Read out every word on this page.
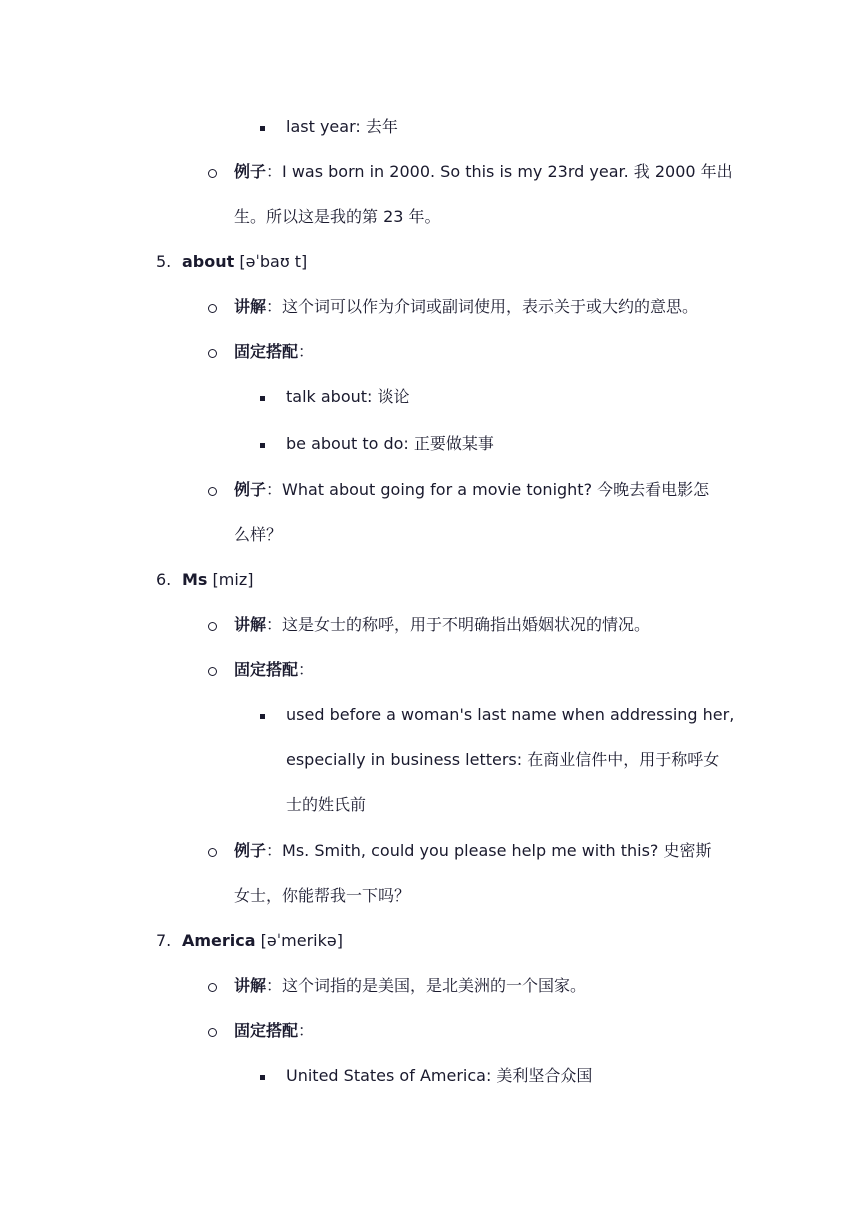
last year: 去年
例子：I was born in 2000. So this is my 23rd year. 我 2000 年出
生。所以这是我的第 23 年。
5. about [əˈbaʊ t]
讲解：这个词可以作为介词或副词使用，表示关于或大约的意思。
固定搭配：
talk about: 谈论
be about to do: 正要做某事
例子：What about going for a movie tonight? 今晚去看电影怎
么样？
6. Ms [miz]
讲解：这是女士的称呼，用于不明确指出婚姻状况的情况。
固定搭配：
used before a woman's last name when addressing her,
especially in business letters: 在商业信件中，用于称呼女
士的姓氏前
例子：Ms. Smith, could you please help me with this? 史密斯
女士，你能帮我一下吗？
7. America [əˈmerikə]
讲解：这个词指的是美国，是北美洲的一个国家。
固定搭配：
United States of America: 美利坚合众国
